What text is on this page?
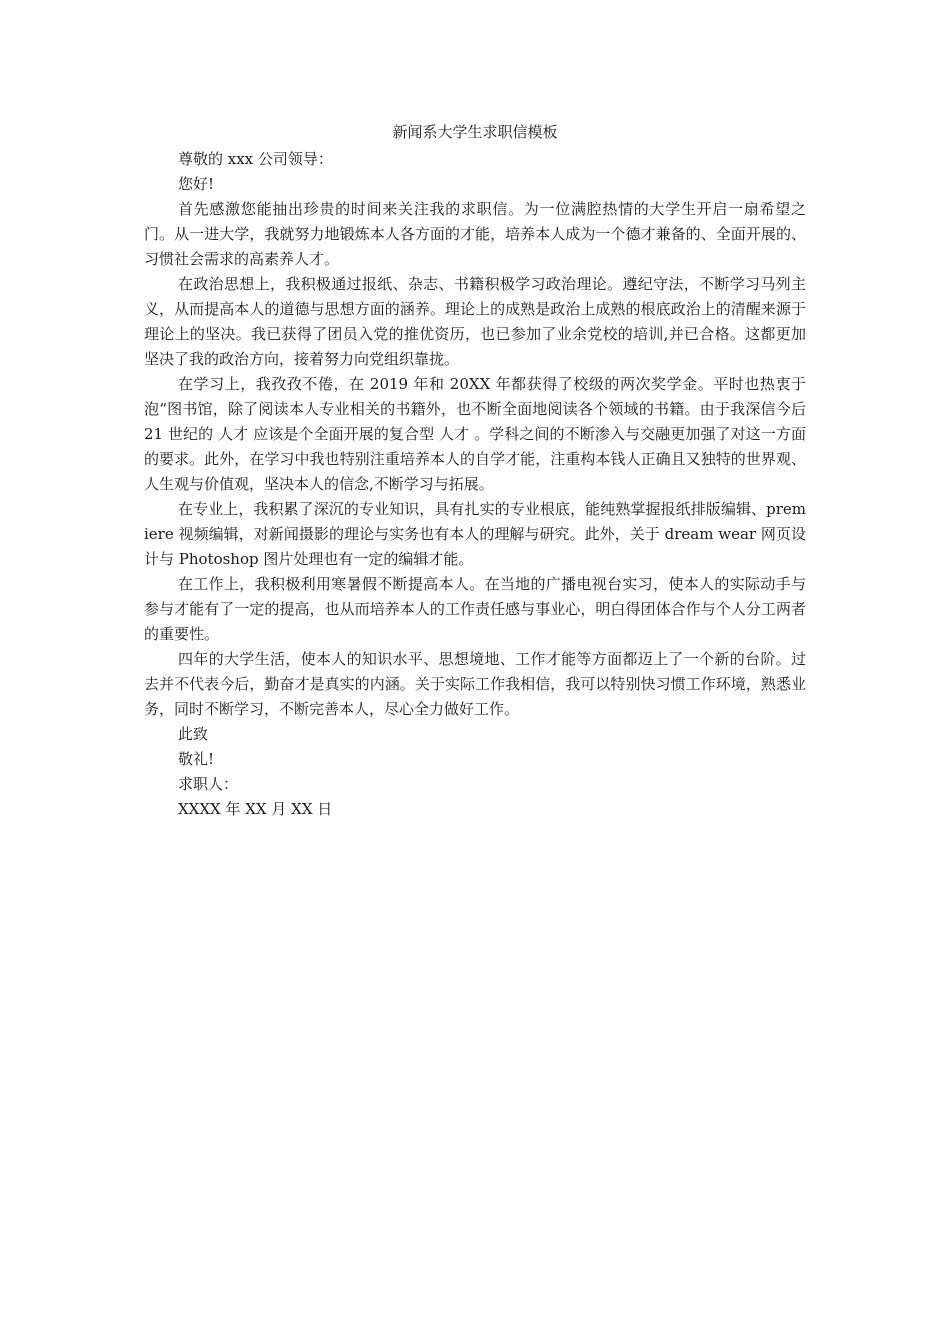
新闻系大学生求职信模板

尊敬的 xxx 公司领导：

您好!

首先感激您能抽出珍贵的时间来关注我的求职信。为一位满腔热情的大学生开启一扇希望之门。从一进大学，我就努力地锻炼本人各方面的才能，培养本人成为一个德才兼备的、全面开展的、习惯社会需求的高素养人才。

在政治思想上，我积极通过报纸、杂志、书籍积极学习政治理论。遵纪守法，不断学习马列主义，从而提高本人的道德与思想方面的涵养。理论上的成熟是政治上成熟的根底政治上的清醒来源于理论上的坚决。我已获得了团员入党的推优资历，也已参加了业余党校的培训,并已合格。这都更加坚决了我的政治方向，接着努力向党组织靠拢。

在学习上，我孜孜不倦，在 2019 年和 20XX 年都获得了校级的两次奖学金。平时也热衷于泡“图书馆，除了阅读本人专业相关的书籍外，也不断全面地阅读各个领域的书籍。由于我深信今后 21 世纪的 人才 应该是个全面开展的复合型 人才 。学科之间的不断渗入与交融更加强了对这一方面的要求。此外，在学习中我也特别注重培养本人的自学才能，注重构本钱人正确且又独特的世界观、人生观与价值观，坚决本人的信念,不断学习与拓展。

在专业上，我积累了深沉的专业知识，具有扎实的专业根底，能纯熟掌握报纸排版编辑、premiere 视频编辑，对新闻摄影的理论与实务也有本人的理解与研究。此外，关于 dream wear 网页设计与 Photoshop 图片处理也有一定的编辑才能。

在工作上，我积极利用寒暑假不断提高本人。在当地的广播电视台实习，使本人的实际动手与参与才能有了一定的提高，也从而培养本人的工作责任感与事业心，明白得团体合作与个人分工两者的重要性。

四年的大学生活，使本人的知识水平、思想境地、工作才能等方面都迈上了一个新的台阶。过去并不代表今后，勤奋才是真实的内涵。关于实际工作我相信，我可以特别快习惯工作环境，熟悉业务，同时不断学习，不断完善本人，尽心全力做好工作。

此致

敬礼!

求职人：

XXXX 年 XX 月 XX 日
